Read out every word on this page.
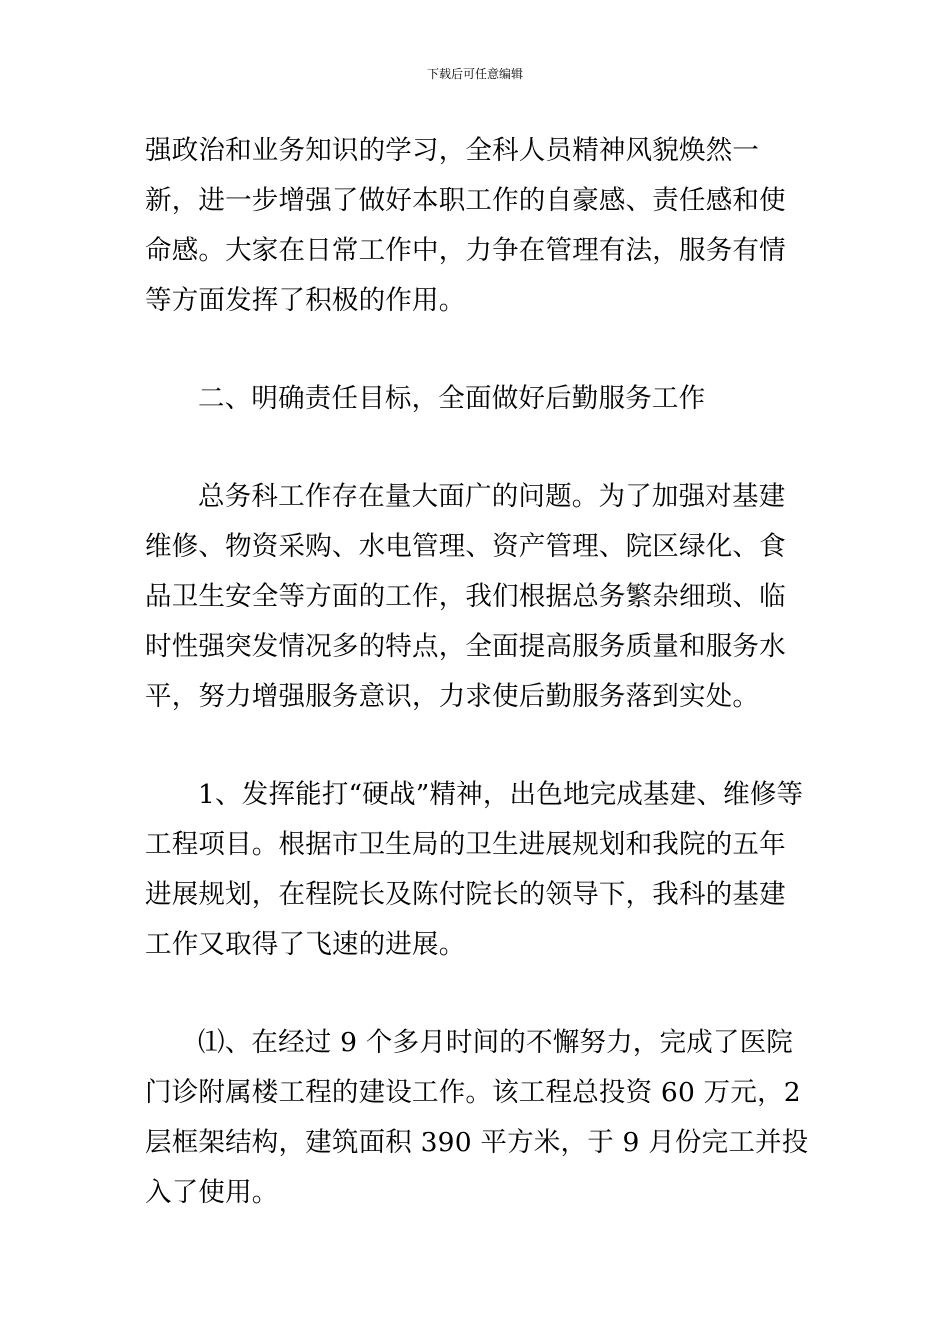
下载后可任意编辑

强政治和业务知识的学习，全科人员精神风貌焕然一新，进一步增强了做好本职工作的自豪感、责任感和使命感。大家在日常工作中，力争在管理有法，服务有情等方面发挥了积极的作用。

二、明确责任目标，全面做好后勤服务工作

总务科工作存在量大面广的问题。为了加强对基建维修、物资采购、水电管理、资产管理、院区绿化、食品卫生安全等方面的工作，我们根据总务繁杂细琐、临时性强突发情况多的特点，全面提高服务质量和服务水平，努力增强服务意识，力求使后勤服务落到实处。

1、发挥能打“硬战”精神，出色地完成基建、维修等工程项目。根据市卫生局的卫生进展规划和我院的五年进展规划，在程院长及陈付院长的领导下，我科的基建工作又取得了飞速的进展。

⑴、在经过 9 个多月时间的不懈努力，完成了医院门诊附属楼工程的建设工作。该工程总投资 60 万元，2 层框架结构，建筑面积 390 平方米，于 9 月份完工并投入了使用。
